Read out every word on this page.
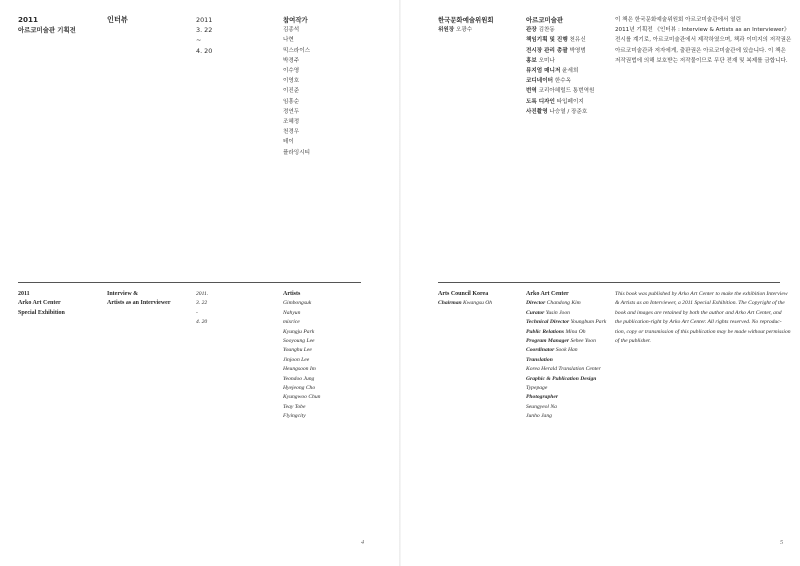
2011
아르코미술관 기획전
인터뷰	2011
3. 22
~
4. 20
참여작가
김종석
나현
믹스라이스
박경주
이수영
이영호
이진준
임흥순
정연두
조혜정
천경우
테이
플라잉시티
2011
Arko Art Center
Special Exhibition
Interview &
Artists as an Interviewer
2011.
3. 22
-
4. 20
Artists
Gimbongsuk
Nahyun
mixrice
Kyungju Park
Sooyoung Lee
Younghu Lee
Jinjoon Lee
Heungsoon Im
Yeondoo Jung
Hyejeong Cho
Kyungwoo Chun
Teay Tobe
Flyingcity
4
한국문화예술위원회
위원장 오광수
아르코미술관
관장 김찬동
책임기획 및 진행 천유신
전시장 관리 총괄 박영범
홍보 오미나
뮤지엄 매니저 윤세희
코디네이터 한수옥
번역 코리아헤럴드 통번역원
도록 디자인 타입페이지
사진촬영 나승열 / 장준호
이 책은 한국문화예술위원회 아르코미술관에서 열린
2011년 기획전 《인터뷰 : Interview & Artists as an Interviewer》
전시를 계기로, 아르코미술관에서 제작하였으며, 책과 이미지의 저작권은
아르코미술관과 저자에게, 출판권은 아르코미술관에 있습니다. 이 책은
저작권법에 의해 보호받는 저작물이므로 무단 전재 및 복제를 금합니다.
Arts Council Korea
Chairman Kwangsu Oh
Arko Art Center
Director Chandong Kim
Curator Yusin Joon
Technical Director Youngbum Park
Public Relations Mina Oh
Program Manager Sehee Yoon
Coordinator Sook Han
Translation
Korea Herald Translation Center
Graphic & Publication Design
Typepage
Photographer
Seungyeol Na
Junho Jang
This book was published by Arko Art Center to make the exhibition Interview
& Artists as an Interviewer, a 2011 Special Exhibition. The Copyright of the
book and images are retained by both the author and Arko Art Center, and
the publication-right by Arko Art Center. All rights reserved. No reproduc-
tion, copy or transmission of this publication may be made without permission
of the publisher.
5
